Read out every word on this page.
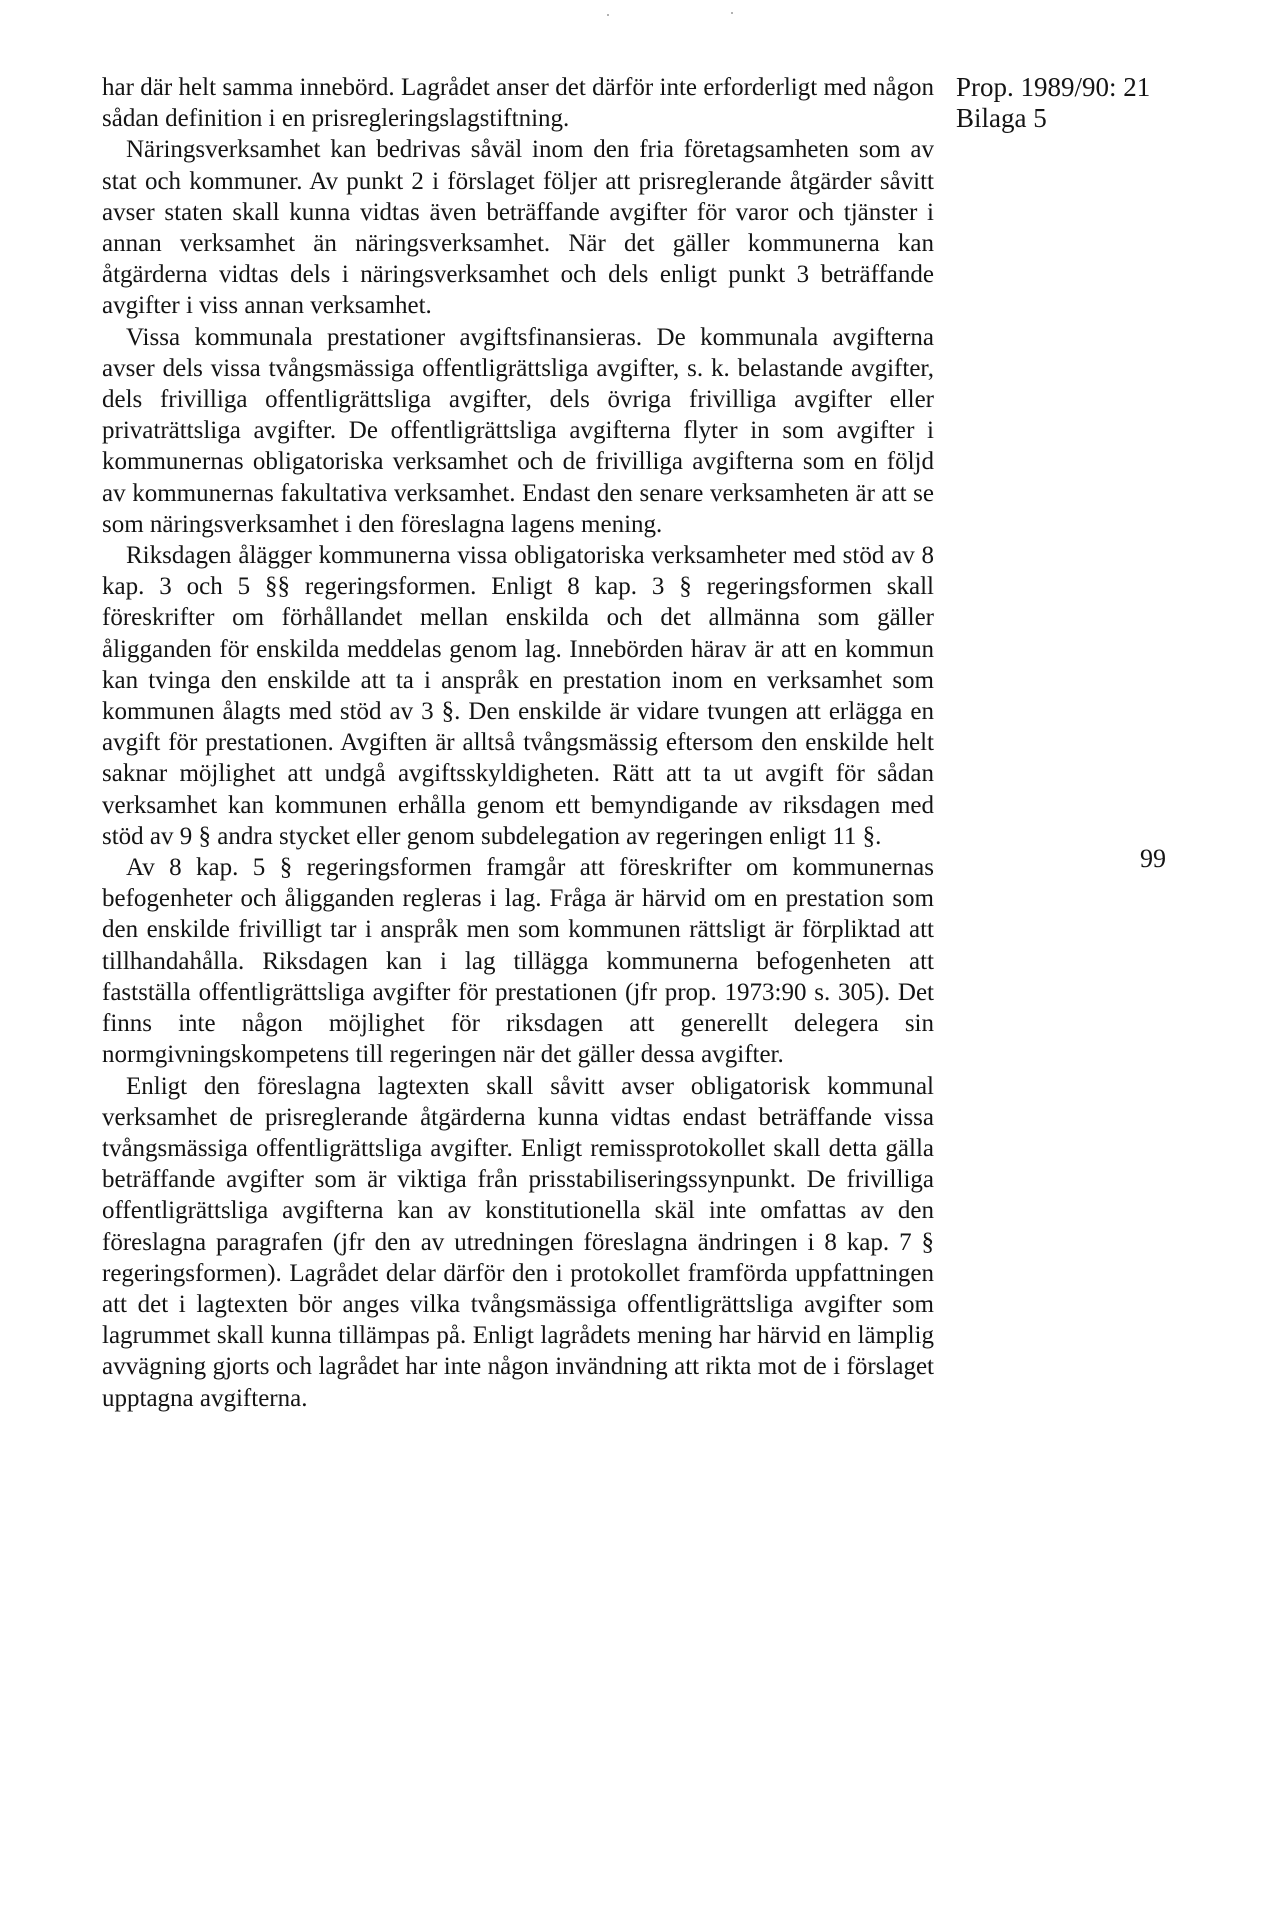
har där helt samma innebörd. Lagrådet anser det därför inte erforderligt med någon sådan definition i en prisregleringslagstiftning.

Näringsverksamhet kan bedrivas såväl inom den fria företagsamheten som av stat och kommuner. Av punkt 2 i förslaget följer att prisreglerande åtgärder såvitt avser staten skall kunna vidtas även beträffande avgifter för varor och tjänster i annan verksamhet än näringsverksamhet. När det gäller kommunerna kan åtgärderna vidtas dels i näringsverksamhet och dels enligt punkt 3 beträffande avgifter i viss annan verksamhet.

Vissa kommunala prestationer avgiftsfinansieras. De kommunala avgifterna avser dels vissa tvångsmässiga offentligrättsliga avgifter, s. k. belastande avgifter, dels frivilliga offentligrättsliga avgifter, dels övriga frivilliga avgifter eller privaträttsliga avgifter. De offentligrättsliga avgifterna flyter in som avgifter i kommunernas obligatoriska verksamhet och de frivilliga avgifterna som en följd av kommunernas fakultativa verksamhet. Endast den senare verksamheten är att se som näringsverksamhet i den föreslagna lagens mening.

Riksdagen ålägger kommunerna vissa obligatoriska verksamheter med stöd av 8 kap. 3 och 5 §§ regeringsformen. Enligt 8 kap. 3 § regeringsformen skall föreskrifter om förhållandet mellan enskilda och det allmänna som gäller åligganden för enskilda meddelas genom lag. Innebörden härav är att en kommun kan tvinga den enskilde att ta i anspråk en prestation inom en verksamhet som kommunen ålagts med stöd av 3 §. Den enskilde är vidare tvungen att erlägga en avgift för prestationen. Avgiften är alltså tvångsmässig eftersom den enskilde helt saknar möjlighet att undgå avgiftsskyldigheten. Rätt att ta ut avgift för sådan verksamhet kan kommunen erhålla genom ett bemyndigande av riksdagen med stöd av 9 § andra stycket eller genom subdelegation av regeringen enligt 11 §.

Av 8 kap. 5 § regeringsformen framgår att föreskrifter om kommunernas befogenheter och åligganden regleras i lag. Fråga är härvid om en prestation som den enskilde frivilligt tar i anspråk men som kommunen rättsligt är förpliktad att tillhandahålla. Riksdagen kan i lag tillägga kommunerna befogenheten att fastställa offentligrättsliga avgifter för prestationen (jfr prop. 1973:90 s. 305). Det finns inte någon möjlighet för riksdagen att generellt delegera sin normgivningskompetens till regeringen när det gäller dessa avgifter.

Enligt den föreslagna lagtexten skall såvitt avser obligatorisk kommunal verksamhet de prisreglerande åtgärderna kunna vidtas endast beträffande vissa tvångsmässiga offentligrättsliga avgifter. Enligt remissprotokollet skall detta gälla beträffande avgifter som är viktiga från prisstabiliseringssynpunkt. De frivilliga offentligrättsliga avgifterna kan av konstitutionella skäl inte omfattas av den föreslagna paragrafen (jfr den av utredningen föreslagna ändringen i 8 kap. 7 § regeringsformen). Lagrådet delar därför den i protokollet framförda uppfattningen att det i lagtexten bör anges vilka tvångsmässiga offentligrättsliga avgifter som lagrummet skall kunna tillämpas på. Enligt lagrådets mening har härvid en lämplig avvägning gjorts och lagrådet har inte någon invändning att rikta mot de i förslaget upptagna avgifterna.

Prop. 1989/90: 21
Bilaga 5
99
